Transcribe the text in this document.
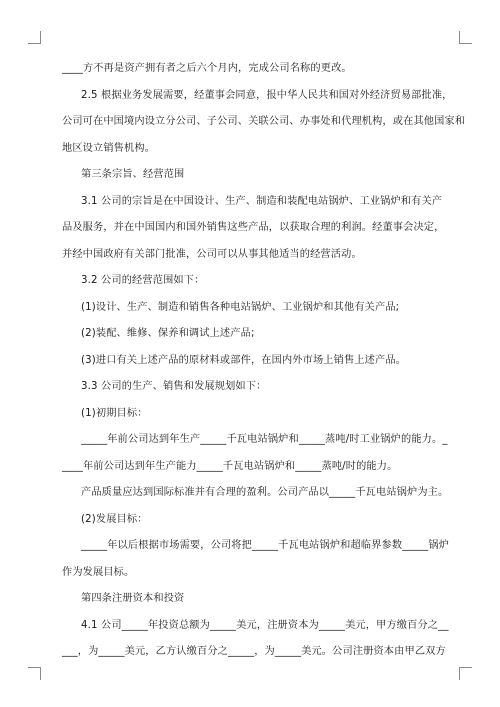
____方不再是资产拥有者之后六个月内，完成公司名称的更改。
2.5 根据业务发展需要，经董事会同意，报中华人民共和国对外经济贸易部批准，
公司可在中国境内设立分公司、子公司、关联公司、办事处和代理机构，或在其他国家和
地区设立销售机构。
第三条宗旨、经营范围
3.1 公司的宗旨是在中国设计、生产、制造和装配电站锅炉、工业锅炉和有关产
品及服务，并在中国国内和国外销售这些产品，以获取合理的利润。经董事会决定，
并经中国政府有关部门批准，公司可以从事其他适当的经营活动。
3.2 公司的经营范围如下：
(1)设计、生产、制造和销售各种电站锅炉、工业锅炉和其他有关产品;
(2)装配、维修、保养和调试上述产品;
(3)进口有关上述产品的原材料或部件，在国内外市场上销售上述产品。
3.3 公司的生产、销售和发展规划如下：
(1)初期目标：
_____年前公司达到年生产_____千瓦电站锅炉和_____蒸吨/时工业锅炉的能力。_
____年前公司达到年生产能力_____千瓦电站锅炉和_____蒸吨/时的能力。
产品质量应达到国际标准并有合理的盈利。公司产品以_____千瓦电站锅炉为主。
(2)发展目标：
_____年以后根据市场需要，公司将把_____千瓦电站锅炉和超临界参数_____锅炉
作为发展目标。
第四条注册资本和投资
4.1 公司_____年投资总额为_____美元，注册资本为_____美元，甲方缴百分之__
___，为_____美元，乙方认缴百分之_____，为_____美元。公司注册资本由甲乙双方
